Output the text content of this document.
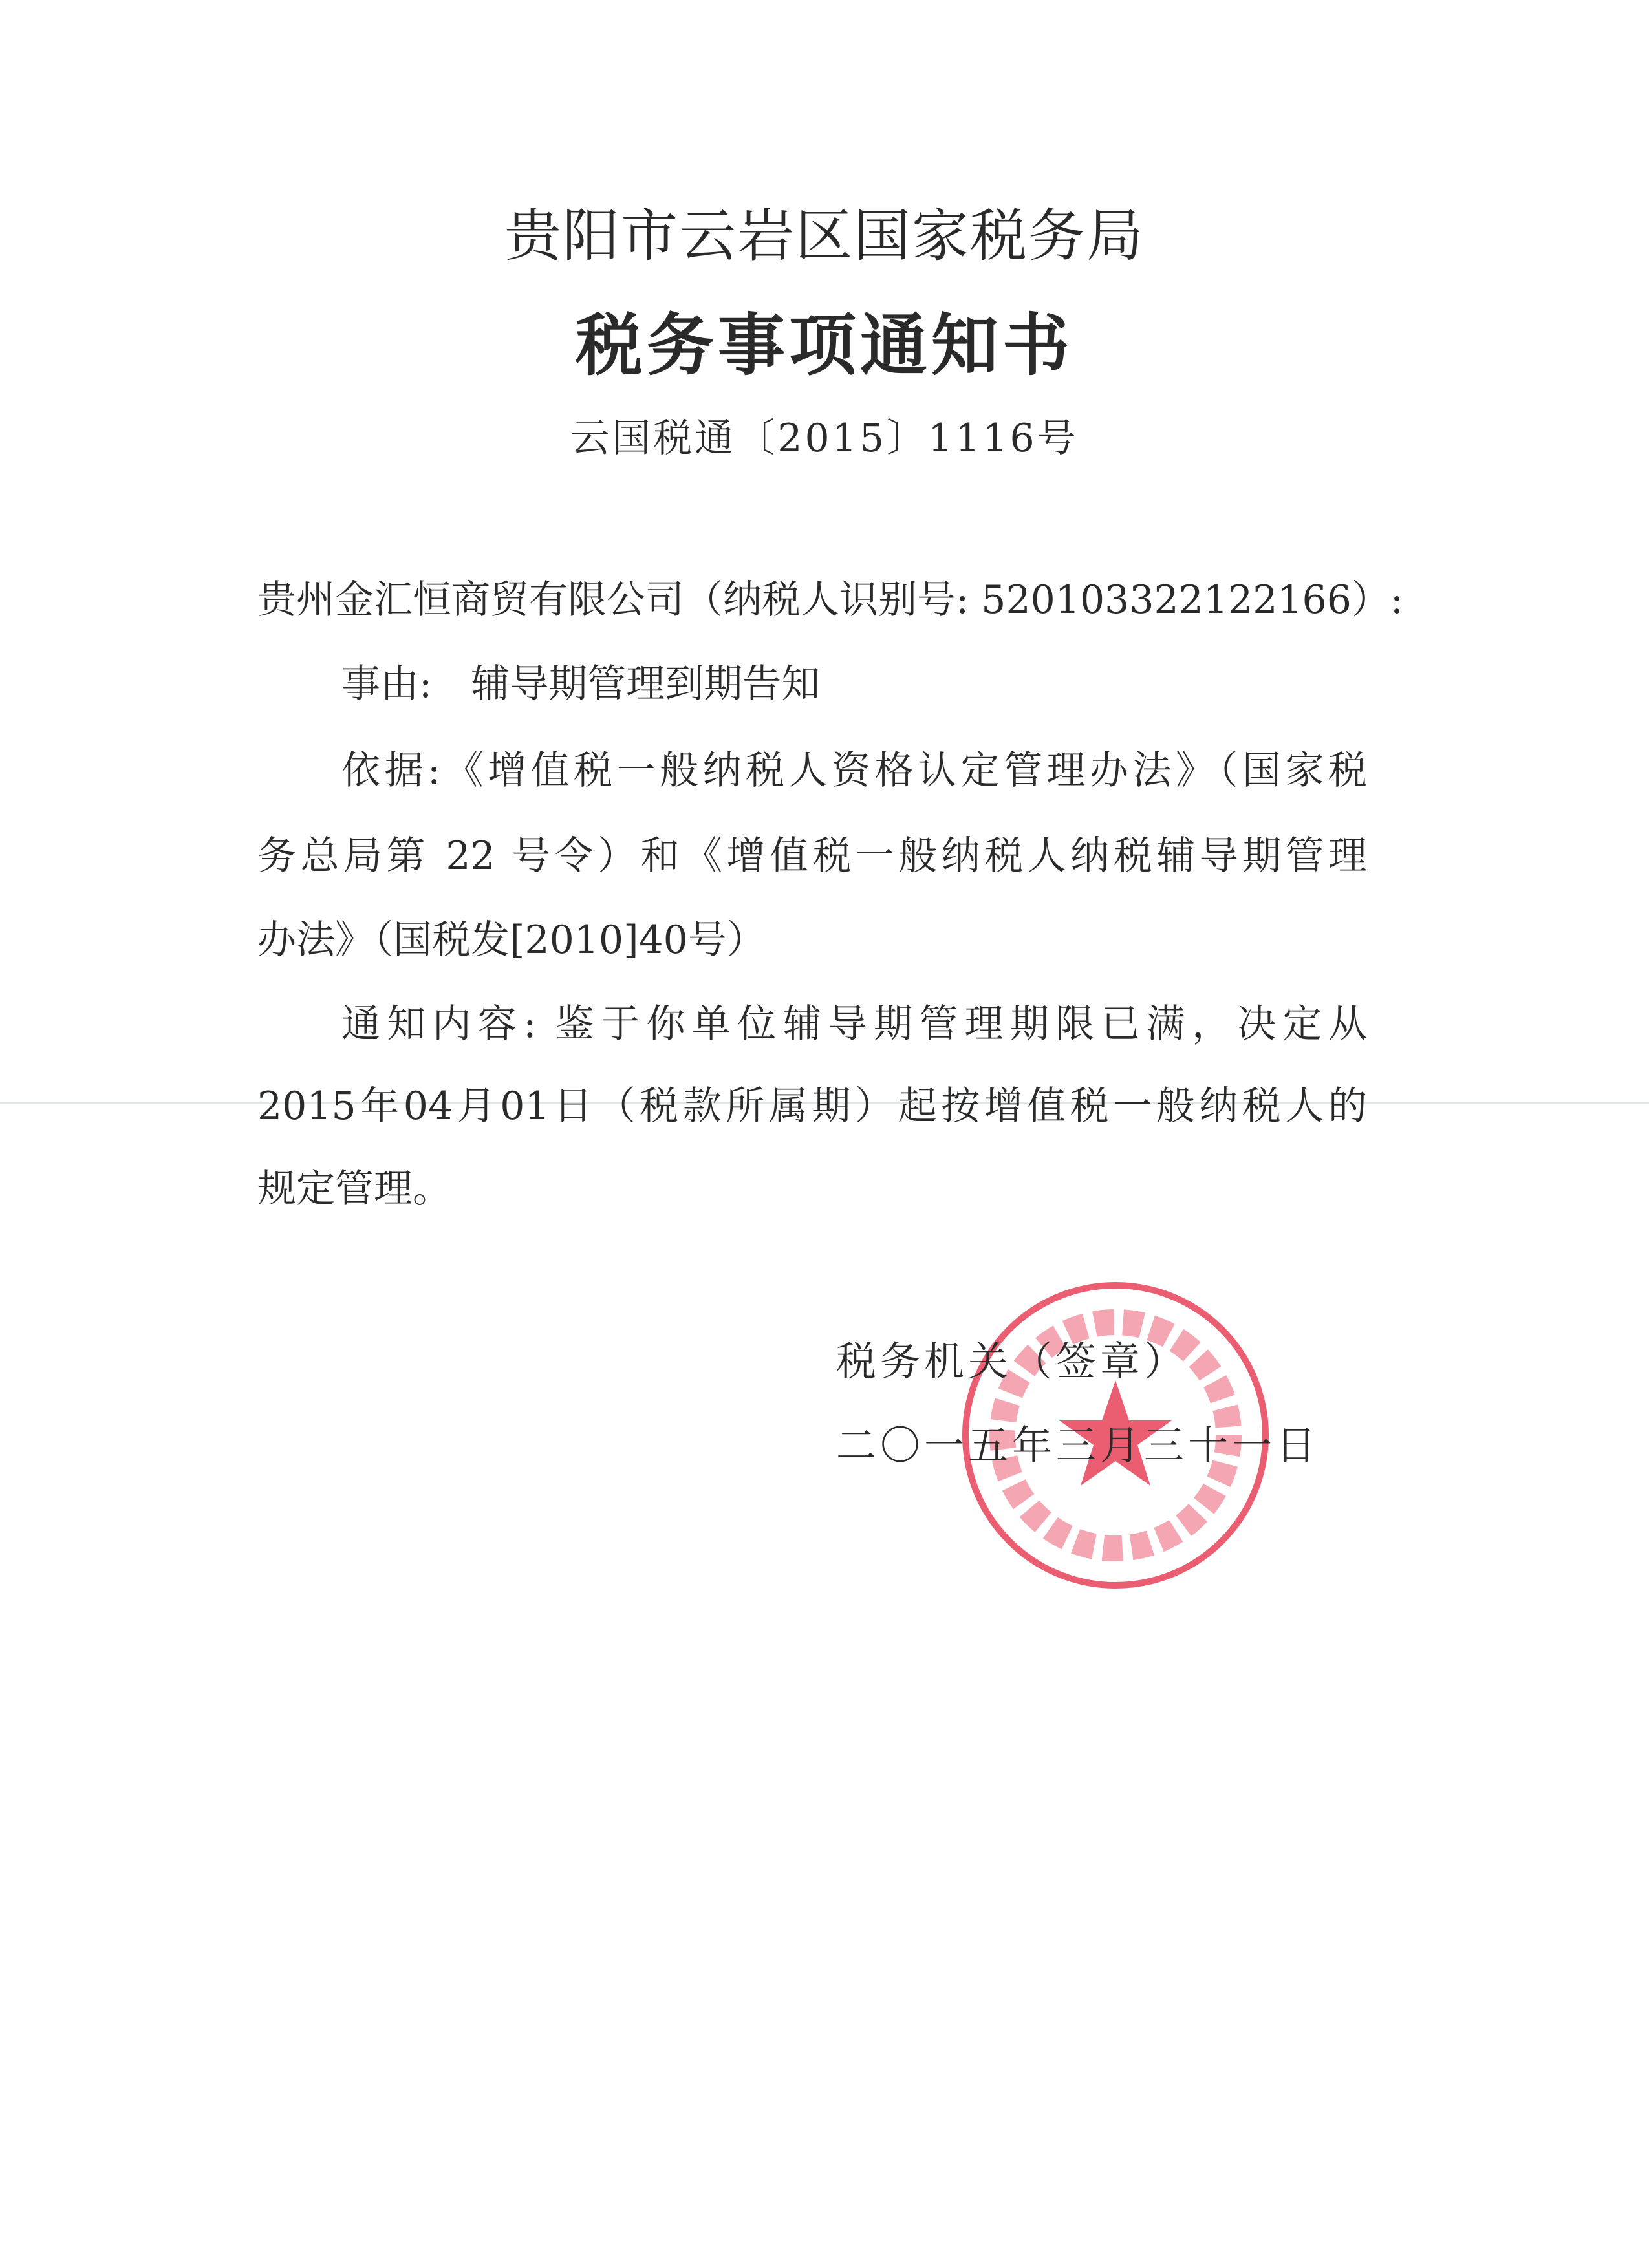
贵阳市云岩区国家税务局
税务事项通知书
云国税通〔2015〕1116号
贵州金汇恒商贸有限公司（纳税人识别号: 520103322122166）:
事由:　辅导期管理到期告知
依据:《增值税一般纳税人资格认定管理办法》（国家税
务总局第 22 号令）和《增值税一般纳税人纳税辅导期管理
办法》（国税发[2010]40号）
通知内容: 鉴于你单位辅导期管理期限已满，决定从
2015年04月01日（税款所属期）起按增值税一般纳税人的
规定管理。
税务机关（签章）
二〇一五年三月三十一日
